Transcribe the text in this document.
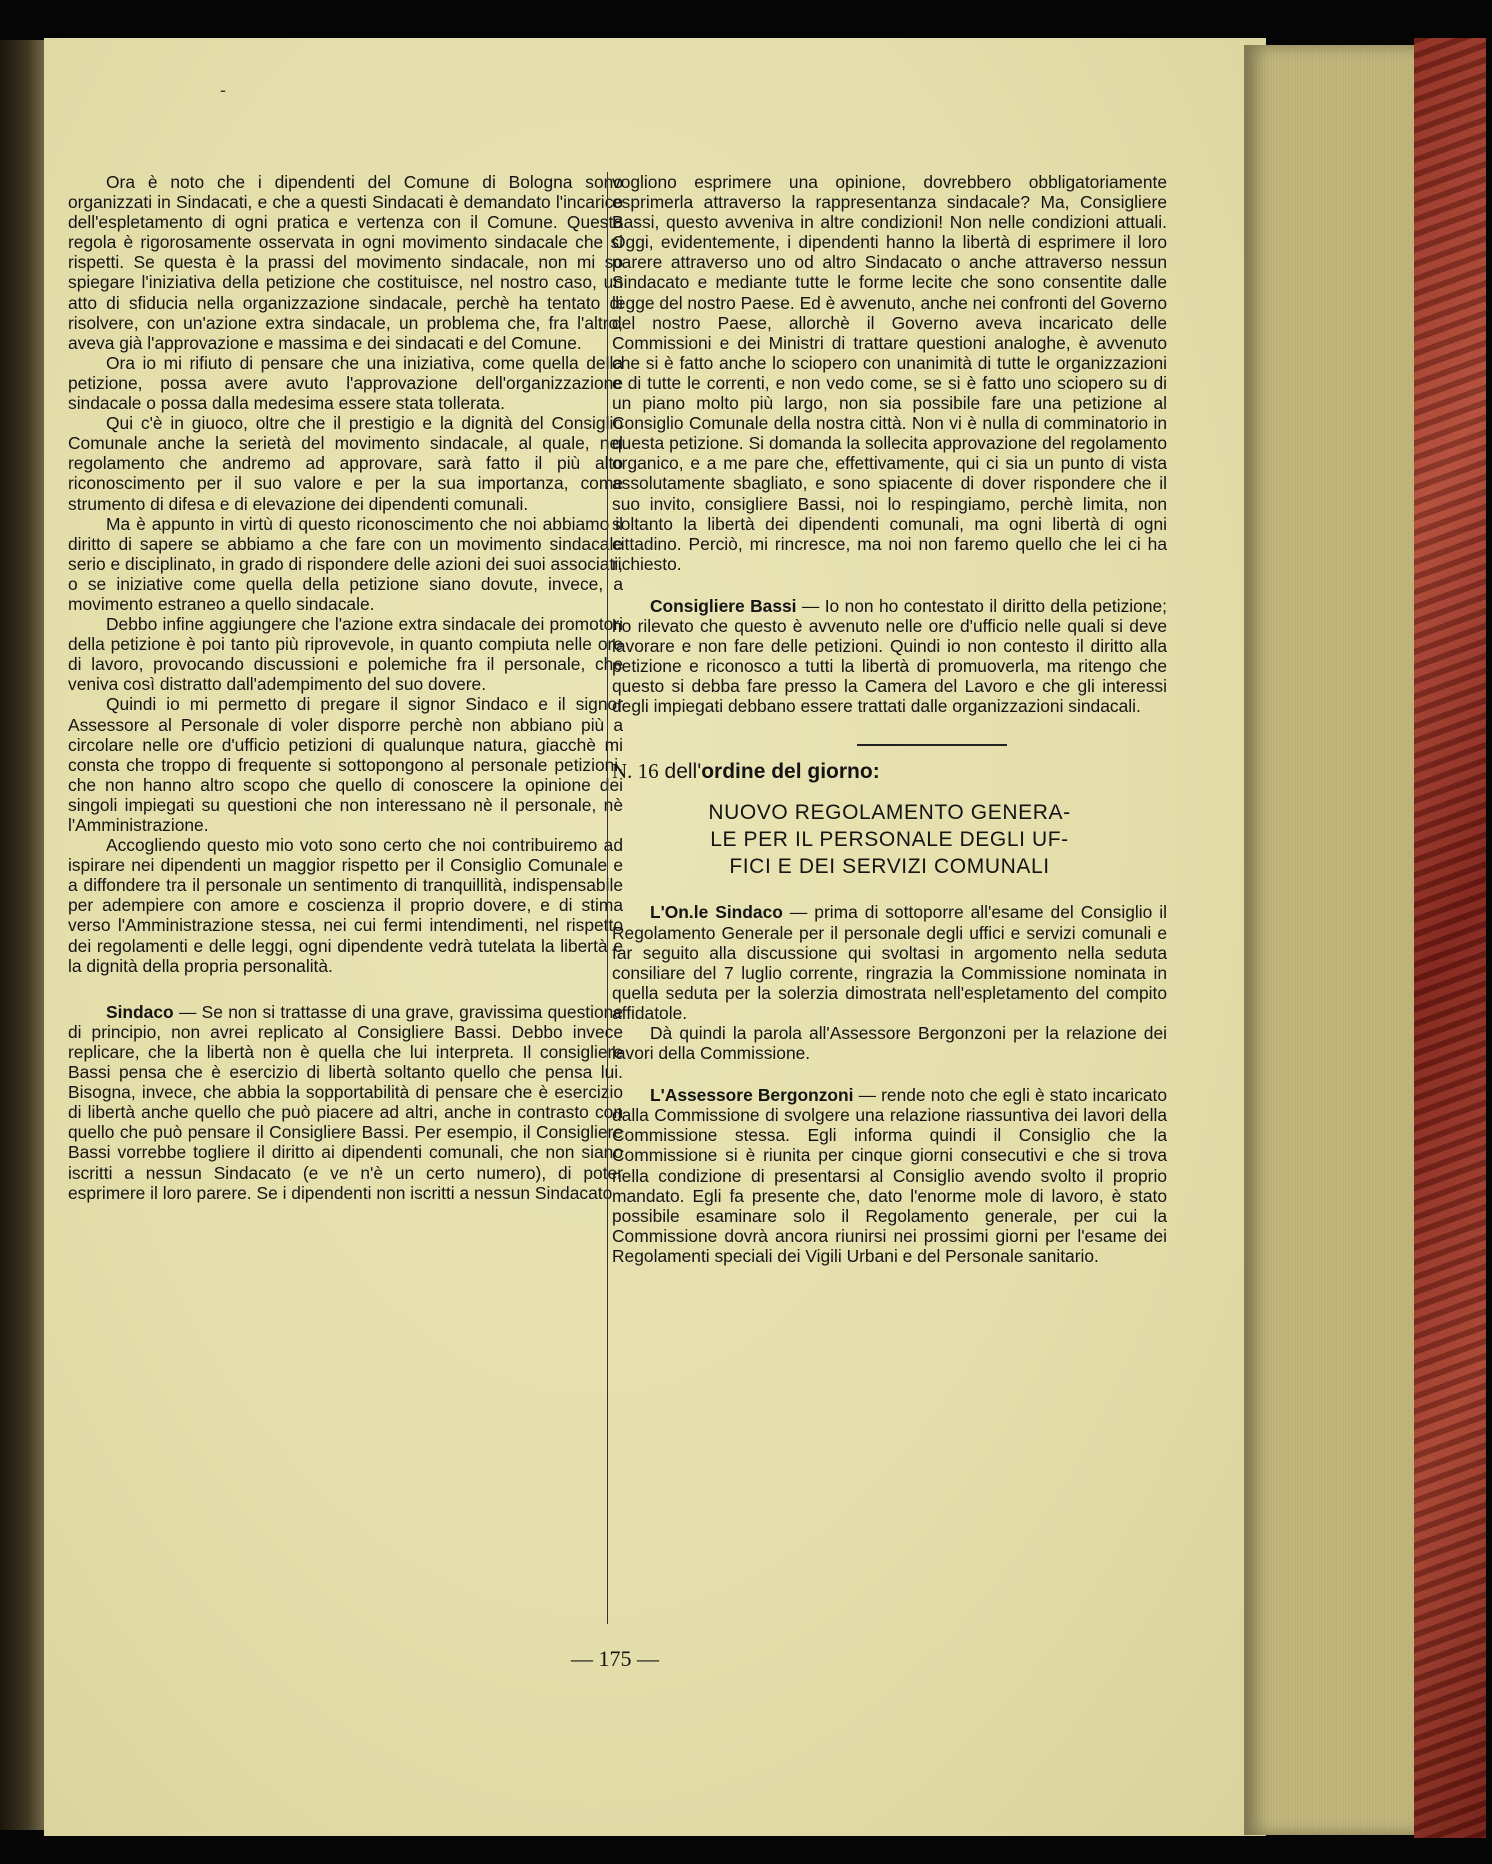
-

Ora è noto che i dipendenti del Comune di Bologna sono organizzati in Sindacati, e che a questi Sindacati è demandato l'incarico dell'espletamento di ogni pratica e vertenza con il Comune. Questa regola è rigorosamente osservata in ogni movimento sindacale che si rispetti. Se questa è la prassi del movimento sindacale, non mi so spiegare l'iniziativa della petizione che costituisce, nel nostro caso, un atto di sfiducia nella organizzazione sindacale, perchè ha tentato di risolvere, con un'azione extra sindacale, un problema che, fra l'altro, aveva già l'approvazione e massima e dei sindacati e del Comune.

Ora io mi rifiuto di pensare che una iniziativa, come quella della petizione, possa avere avuto l'approvazione dell'organizzazione sindacale o possa dalla medesima essere stata tollerata.

Qui c'è in giuoco, oltre che il prestigio e la dignità del Consiglio Comunale anche la serietà del movimento sindacale, al quale, nel regolamento che andremo ad approvare, sarà fatto il più alto riconoscimento per il suo valore e per la sua importanza, come strumento di difesa e di elevazione dei dipendenti comunali.

Ma è appunto in virtù di questo riconoscimento che noi abbiamo il diritto di sapere se abbiamo a che fare con un movimento sindacale serio e disciplinato, in grado di rispondere delle azioni dei suoi associati, o se iniziative come quella della petizione siano dovute, invece, a movimento estraneo a quello sindacale.

Debbo infine aggiungere che l'azione extra sindacale dei promotori della petizione è poi tanto più riprovevole, in quanto compiuta nelle ore di lavoro, provocando discussioni e polemiche fra il personale, che veniva così distratto dall'adempimento del suo dovere.

Quindi io mi permetto di pregare il signor Sindaco e il signor Assessore al Personale di voler disporre perchè non abbiano più a circolare nelle ore d'ufficio petizioni di qualunque natura, giacchè mi consta che troppo di frequente si sottopongono al personale petizioni, che non hanno altro scopo che quello di conoscere la opinione dei singoli impiegati su questioni che non interessano nè il personale, nè l'Amministrazione.

Accogliendo questo mio voto sono certo che noi contribuiremo ad ispirare nei dipendenti un maggior rispetto per il Consiglio Comunale e a diffondere tra il personale un sentimento di tranquillità, indispensabile per adempiere con amore e coscienza il proprio dovere, e di stima verso l'Amministrazione stessa, nei cui fermi intendimenti, nel rispetto dei regolamenti e delle leggi, ogni dipendente vedrà tutelata la libertà e la dignità della propria personalità.

Sindaco — Se non si trattasse di una grave, gravissima questione di principio, non avrei replicato al Consigliere Bassi. Debbo invece replicare, che la libertà non è quella che lui interpreta. Il consigliere Bassi pensa che è esercizio di libertà soltanto quello che pensa lui. Bisogna, invece, che abbia la sopportabilità di pensare che è esercizio di libertà anche quello che può piacere ad altri, anche in contrasto con quello che può pensare il Consigliere Bassi. Per esempio, il Consigliere Bassi vorrebbe togliere il diritto ai dipendenti comunali, che non siano iscritti a nessun Sindacato (e ve n'è un certo numero), di poter esprimere il loro parere. Se i dipendenti non iscritti a nessun Sindacato

vogliono esprimere una opinione, dovrebbero obbligatoriamente esprimerla attraverso la rappresentanza sindacale? Ma, Consigliere Bassi, questo avveniva in altre condizioni! Non nelle condizioni attuali. Oggi, evidentemente, i dipendenti hanno la libertà di esprimere il loro parere attraverso uno od altro Sindacato o anche attraverso nessun Sindacato e mediante tutte le forme lecite che sono consentite dalle legge del nostro Paese. Ed è avvenuto, anche nei confronti del Governo del nostro Paese, allorchè il Governo aveva incaricato delle Commissioni e dei Ministri di trattare questioni analoghe, è avvenuto che si è fatto anche lo sciopero con unanimità di tutte le organizzazioni e di tutte le correnti, e non vedo come, se si è fatto uno sciopero su di un piano molto più largo, non sia possibile fare una petizione al Consiglio Comunale della nostra città. Non vi è nulla di comminatorio in questa petizione. Si domanda la sollecita approvazione del regolamento organico, e a me pare che, effettivamente, qui ci sia un punto di vista assolutamente sbagliato, e sono spiacente di dover rispondere che il suo invito, consigliere Bassi, noi lo respingiamo, perchè limita, non soltanto la libertà dei dipendenti comunali, ma ogni libertà di ogni cittadino. Perciò, mi rincresce, ma noi non faremo quello che lei ci ha richiesto.

Consigliere Bassi — Io non ho contestato il diritto della petizione; ho rilevato che questo è avvenuto nelle ore d'ufficio nelle quali si deve lavorare e non fare delle petizioni. Quindi io non contesto il diritto alla petizione e riconosco a tutti la libertà di promuoverla, ma ritengo che questo si debba fare presso la Camera del Lavoro e che gli interessi degli impiegati debbano essere trattati dalle organizzazioni sindacali.

N. 16 dell'ordine del giorno:
NUOVO REGOLAMENTO GENERA-
LE PER IL PERSONALE DEGLI UF-
FICI E DEI SERVIZI COMUNALI

L'On.le Sindaco — prima di sottoporre all'esame del Consiglio il Regolamento Generale per il personale degli uffici e servizi comunali e far seguito alla discussione qui svoltasi in argomento nella seduta consiliare del 7 luglio corrente, ringrazia la Commissione nominata in quella seduta per la solerzia dimostrata nell'espletamento del compito affidatole.

Dà quindi la parola all'Assessore Bergonzoni per la relazione dei lavori della Commissione.

L'Assessore Bergonzoni — rende noto che egli è stato incaricato dalla Commissione di svolgere una relazione riassuntiva dei lavori della Commissione stessa. Egli informa quindi il Consiglio che la Commissione si è riunita per cinque giorni consecutivi e che si trova nella condizione di presentarsi al Consiglio avendo svolto il proprio mandato. Egli fa presente che, dato l'enorme mole di lavoro, è stato possibile esaminare solo il Regolamento generale, per cui la Commissione dovrà ancora riunirsi nei prossimi giorni per l'esame dei Regolamenti speciali dei Vigili Urbani e del Personale sanitario.

— 175 —
